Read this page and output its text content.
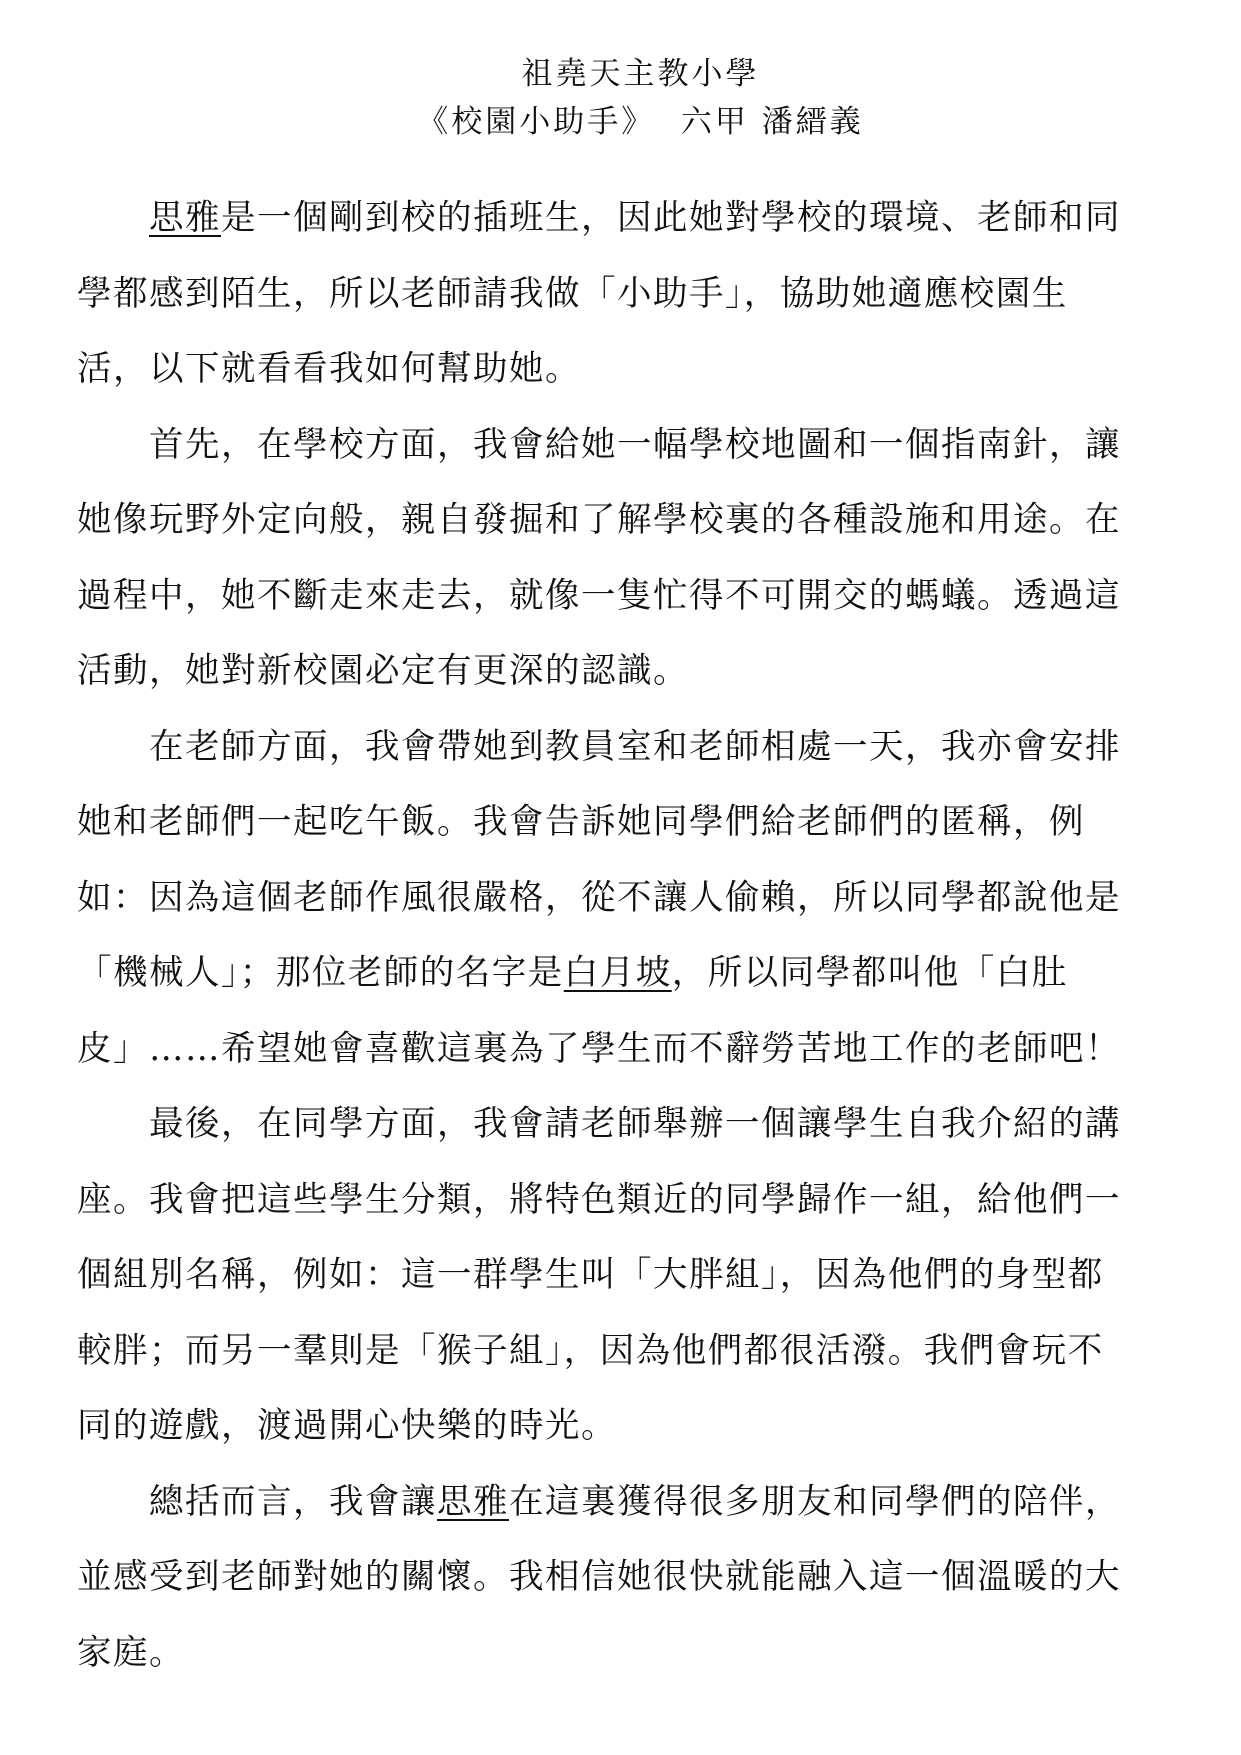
祖堯天主教小學
《校園小助手》 六甲 潘縉義
思雅是一個剛到校的插班生，因此她對學校的環境、老師和同
學都感到陌生，所以老師請我做「小助手」，協助她適應校園生
活，以下就看看我如何幫助她。
首先，在學校方面，我會給她一幅學校地圖和一個指南針，讓
她像玩野外定向般，親自發掘和了解學校裏的各種設施和用途。在
過程中，她不斷走來走去，就像一隻忙得不可開交的螞蟻。透過這
活動，她對新校園必定有更深的認識。
在老師方面，我會帶她到教員室和老師相處一天，我亦會安排
她和老師們一起吃午飯。我會告訴她同學們給老師們的匿稱，例
如：因為這個老師作風很嚴格，從不讓人偷賴，所以同學都說他是
「機械人」；那位老師的名字是白月坡，所以同學都叫他「白肚
皮」……希望她會喜歡這裏為了學生而不辭勞苦地工作的老師吧！
最後，在同學方面，我會請老師舉辦一個讓學生自我介紹的講
座。我會把這些學生分類，將特色類近的同學歸作一組，給他們一
個組別名稱，例如：這一群學生叫「大胖組」，因為他們的身型都
較胖；而另一羣則是「猴子組」，因為他們都很活潑。我們會玩不
同的遊戲，渡過開心快樂的時光。
總括而言，我會讓思雅在這裏獲得很多朋友和同學們的陪伴，
並感受到老師對她的關懷。我相信她很快就能融入這一個溫暖的大
家庭。
